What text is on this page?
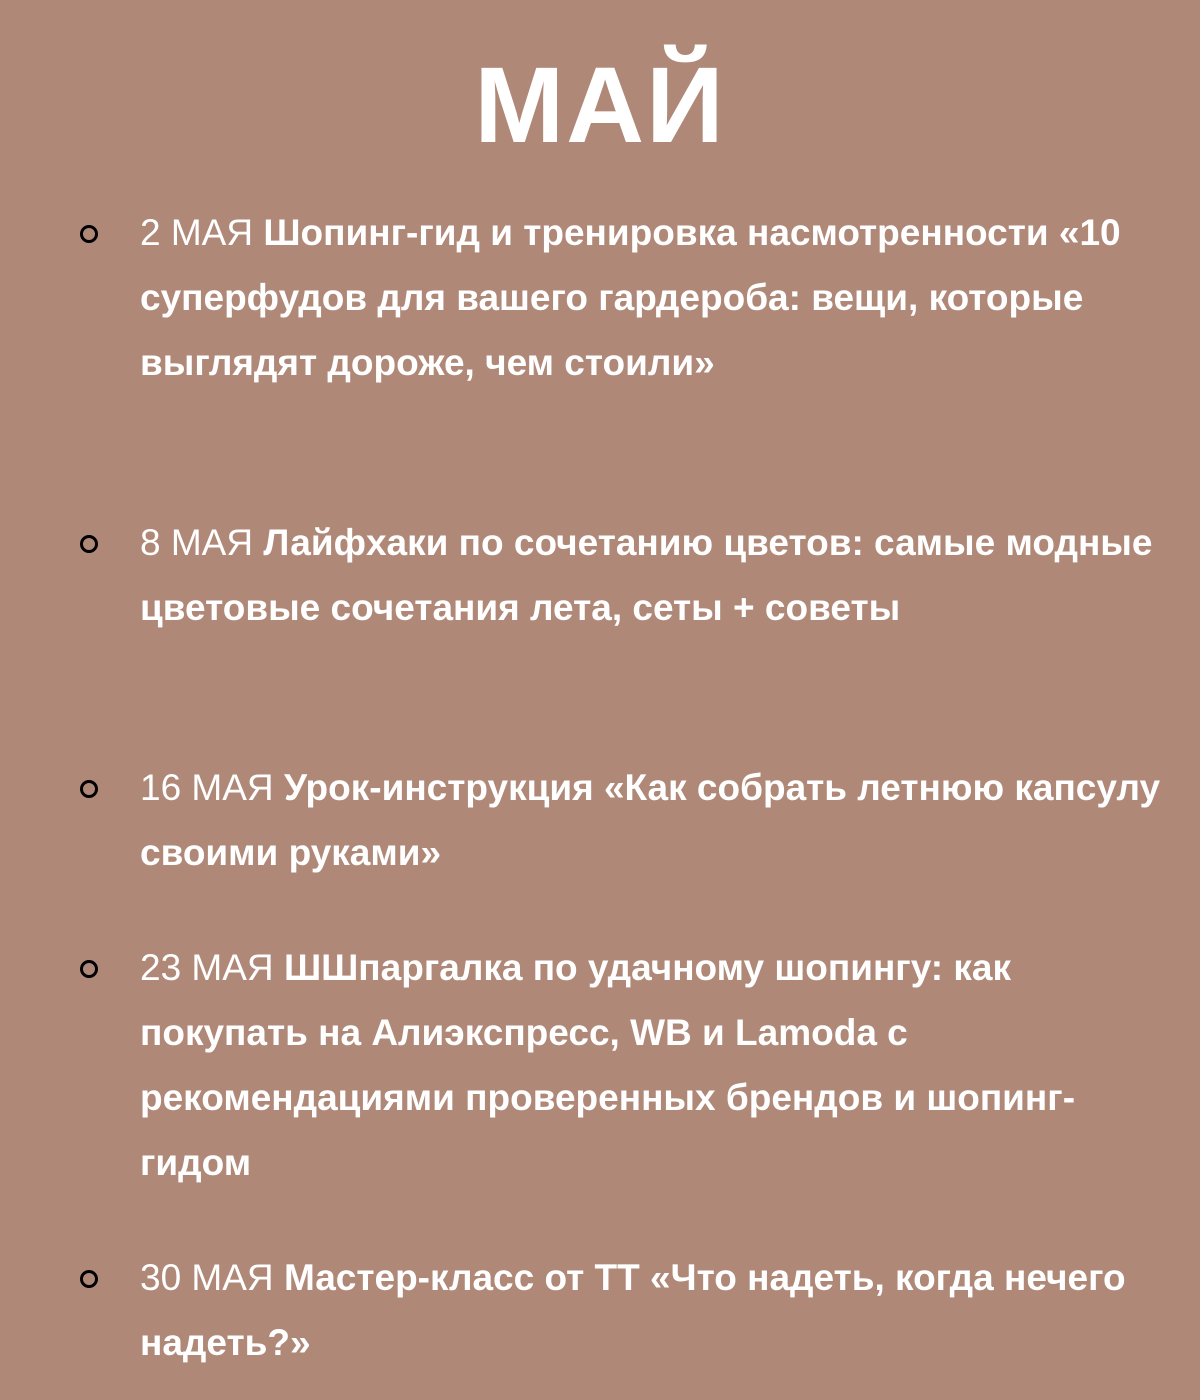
МАЙ
2 МАЯ Шопинг-гид и тренировка насмотренности «10 суперфудов для вашего гардероба: вещи, которые выглядят дороже, чем стоили»
8 МАЯ Лайфхаки по сочетанию цветов: самые модные цветовые сочетания лета, сеты + советы
16 МАЯ Урок-инструкция «Как собрать летнюю капсулу своими руками»
23 МАЯ ШШпаргалка по удачному шопингу: как покупать на Алиэкспресс, WB и Lamoda с рекомендациями проверенных брендов и шопинг-гидом
30 МАЯ Мастер-класс от ТТ «Что надеть, когда нечего надеть?»
